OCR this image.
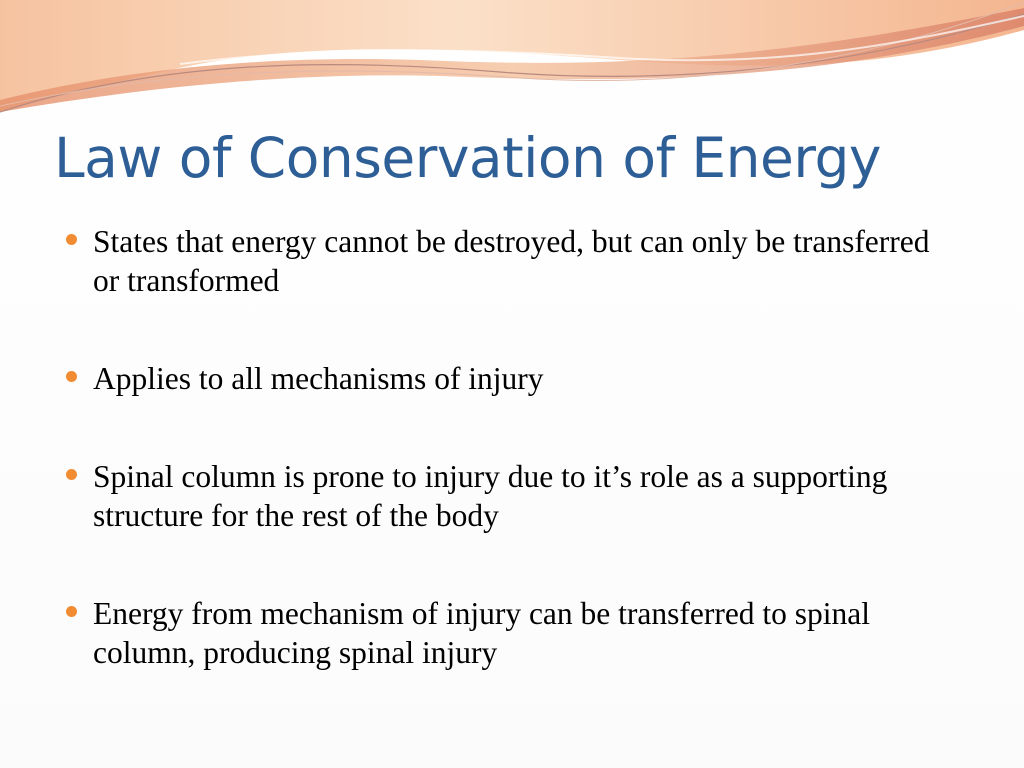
Law of Conservation of Energy
States that energy cannot be destroyed, but can only be transferred or transformed
Applies to all mechanisms of injury
Spinal column is prone to injury due to it’s role as a supporting structure for the rest of the body
Energy from mechanism of injury can be transferred to spinal column, producing spinal injury
